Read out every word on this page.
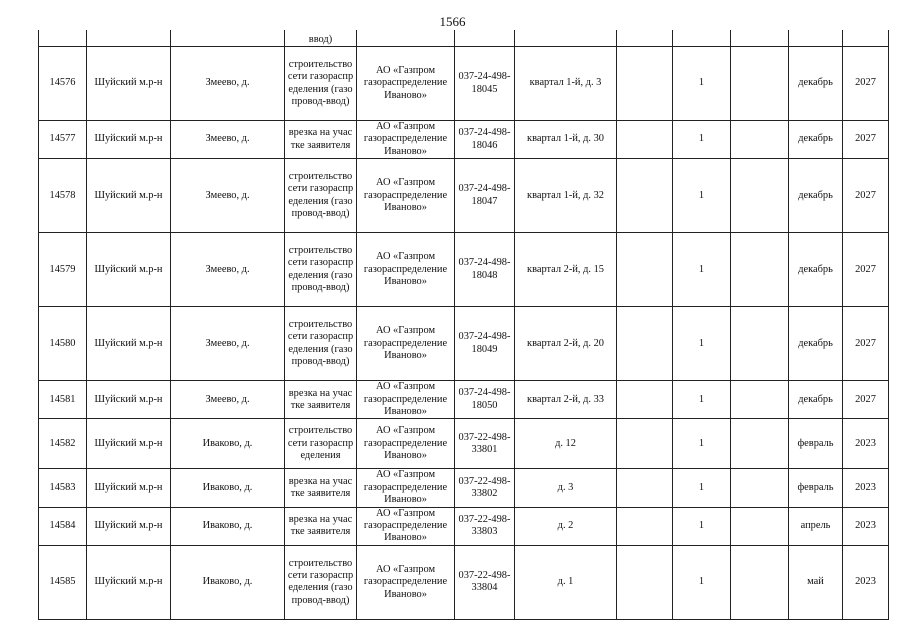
1566
			ввод)								
14576	Шуйский м.р-н	Змеево, д.	строительство сети газораспределения (газопровод-ввод)	АО «Газпром газораспределение Иваново»	037-24-498-18045	квартал 1-й, д. 3		1		декабрь	2027
14577	Шуйский м.р-н	Змеево, д.	врезка на участке заявителя	АО «Газпром газораспределение Иваново»	037-24-498-18046	квартал 1-й, д. 30		1		декабрь	2027
14578	Шуйский м.р-н	Змеево, д.	строительство сети газораспределения (газопровод-ввод)	АО «Газпром газораспределение Иваново»	037-24-498-18047	квартал 1-й, д. 32		1		декабрь	2027
14579	Шуйский м.р-н	Змеево, д.	строительство сети газораспределения (газопровод-ввод)	АО «Газпром газораспределение Иваново»	037-24-498-18048	квартал 2-й, д. 15		1		декабрь	2027
14580	Шуйский м.р-н	Змеево, д.	строительство сети газораспределения (газопровод-ввод)	АО «Газпром газораспределение Иваново»	037-24-498-18049	квартал 2-й, д. 20		1		декабрь	2027
14581	Шуйский м.р-н	Змеево, д.	врезка на участке заявителя	АО «Газпром газораспределение Иваново»	037-24-498-18050	квартал 2-й, д. 33		1		декабрь	2027
14582	Шуйский м.р-н	Иваково, д.	строительство сети газораспределения	АО «Газпром газораспределение Иваново»	037-22-498-33801	д. 12		1		февраль	2023
14583	Шуйский м.р-н	Иваково, д.	врезка на участке заявителя	АО «Газпром газораспределение Иваново»	037-22-498-33802	д. 3		1		февраль	2023
14584	Шуйский м.р-н	Иваково, д.	врезка на участке заявителя	АО «Газпром газораспределение Иваново»	037-22-498-33803	д. 2		1		апрель	2023
14585	Шуйский м.р-н	Иваково, д.	строительство сети газораспределения (газопровод-ввод)	АО «Газпром газораспределение Иваново»	037-22-498-33804	д. 1		1		май	2023
